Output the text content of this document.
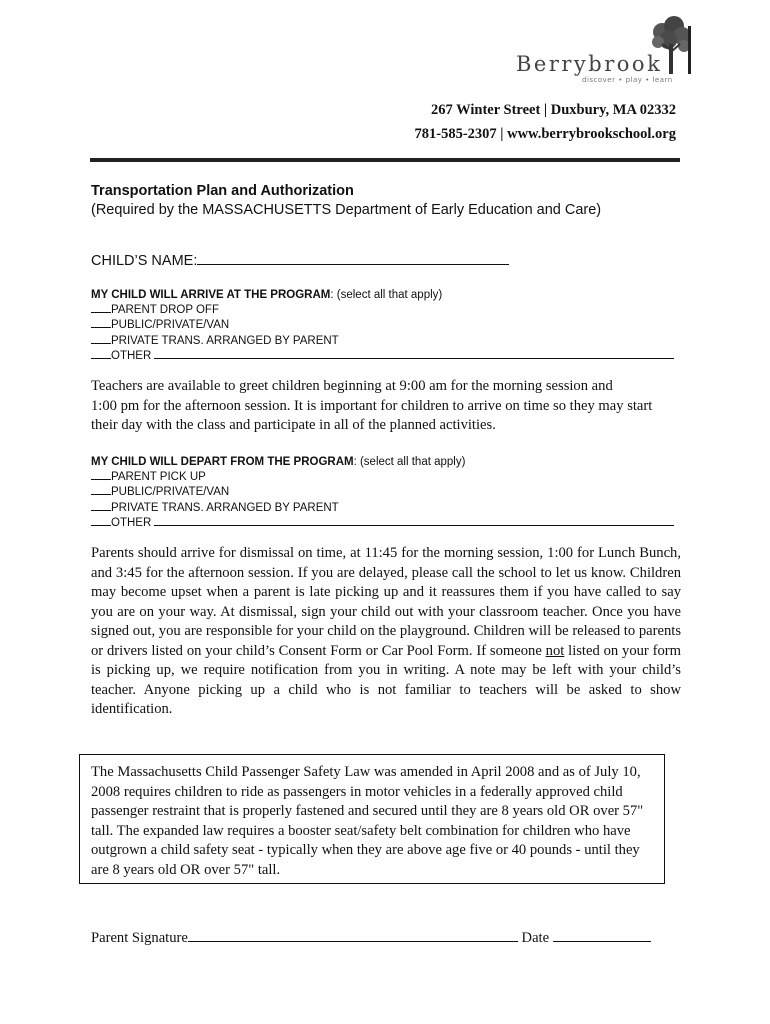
Berrybrook
discover • play • learn
267 Winter Street | Duxbury, MA 02332
781-585-2307 | www.berrybrookschool.org
Transportation Plan and Authorization
(Required by the MASSACHUSETTS Department of Early Education and Care)
CHILD’S NAME:
MY CHILD WILL ARRIVE AT THE PROGRAM: (select all that apply)
PARENT DROP OFF
PUBLIC/PRIVATE/VAN
PRIVATE TRANS. ARRANGED BY PARENT
OTHER
Teachers are available to greet children beginning at 9:00 am for the morning session and
1:00 pm for the afternoon session. It is important for children to arrive on time so they may start
their day with the class and participate in all of the planned activities.
MY CHILD WILL DEPART FROM THE PROGRAM: (select all that apply)
PARENT PICK UP
PUBLIC/PRIVATE/VAN
PRIVATE TRANS. ARRANGED BY PARENT
OTHER
Parents should arrive for dismissal on time, at 11:45 for the morning session, 1:00 for Lunch Bunch, and 3:45 for the afternoon session. If you are delayed, please call the school to let us know. Children may become upset when a parent is late picking up and it reassures them if you have called to say you are on your way. At dismissal, sign your child out with your classroom teacher. Once you have signed out, you are responsible for your child on the playground. Children will be released to parents or drivers listed on your child’s Consent Form or Car Pool Form. If someone not listed on your form is picking up, we require notification from you in writing. A note may be left with your child’s teacher. Anyone picking up a child who is not familiar to teachers will be asked to show identification.
The Massachusetts Child Passenger Safety Law was amended in April 2008 and as of July 10,
2008 requires children to ride as passengers in motor vehicles in a federally approved child
passenger restraint that is properly fastened and secured until they are 8 years old OR over 57"
tall. The expanded law requires a booster seat/safety belt combination for children who have
outgrown a child safety seat - typically when they are above age five or 40 pounds - until they
are 8 years old OR over 57" tall.
Parent Signature	Date
